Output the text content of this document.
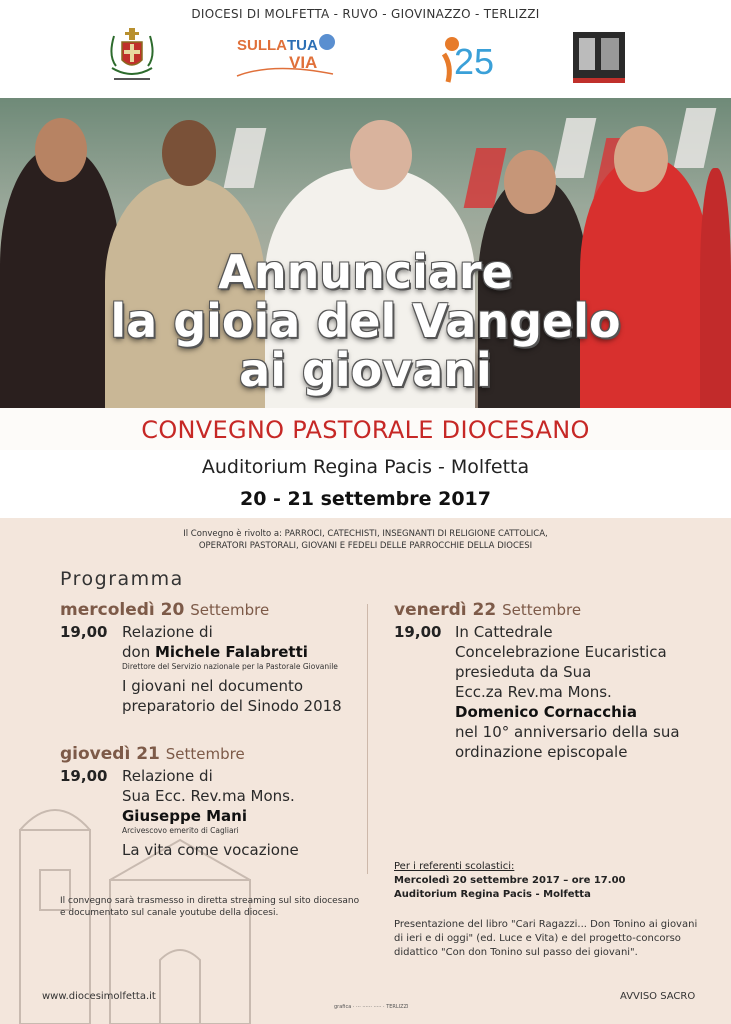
DIOCESI DI MOLFETTA - RUVO - GIOVINAZZO - TERLIZZI
SULLA TUA
VIA	25
Annunciare
la gioia del Vangelo
ai giovani
CONVEGNO PASTORALE DIOCESANO
Auditorium Regina Pacis - Molfetta
20 - 21 settembre 2017
Il Convegno è rivolto a: PARROCI, CATECHISTI, INSEGNANTI DI RELIGIONE CATTOLICA,
OPERATORI PASTORALI, GIOVANI E FEDELI DELLE PARROCCHIE DELLA DIOCESI
Programma
mercoledì 20 Settembre
19,00 Relazione di
don Michele Falabretti
Direttore del Servizio nazionale per la Pastorale Giovanile
I giovani nel documento
preparatorio del Sinodo 2018
giovedì 21 Settembre
19,00 Relazione di
Sua Ecc. Rev.ma Mons.
Giuseppe Mani
Arcivescovo emerito di Cagliari
La vita come vocazione
venerdì 22 Settembre
19,00 In Cattedrale
Concelebrazione Eucaristica
presieduta da Sua
Ecc.za Rev.ma Mons.
Domenico Cornacchia
nel 10° anniversario della sua
ordinazione episcopale
Il convegno sarà trasmesso in diretta streaming sul sito diocesano e documentato sul canale youtube della diocesi.
Per i referenti scolastici:
Mercoledì 20 settembre 2017 – ore 17.00
Auditorium Regina Pacis - Molfetta
Presentazione del libro "Cari Ragazzi... Don Tonino ai giovani di ieri e di oggi" (ed. Luce e Vita) e del progetto-concorso didattico "Con don Tonino sul passo dei giovani".
www.diocesimolfetta.it
grafica · ··· ······ ····· · TERLIZZI
AVVISO SACRO
